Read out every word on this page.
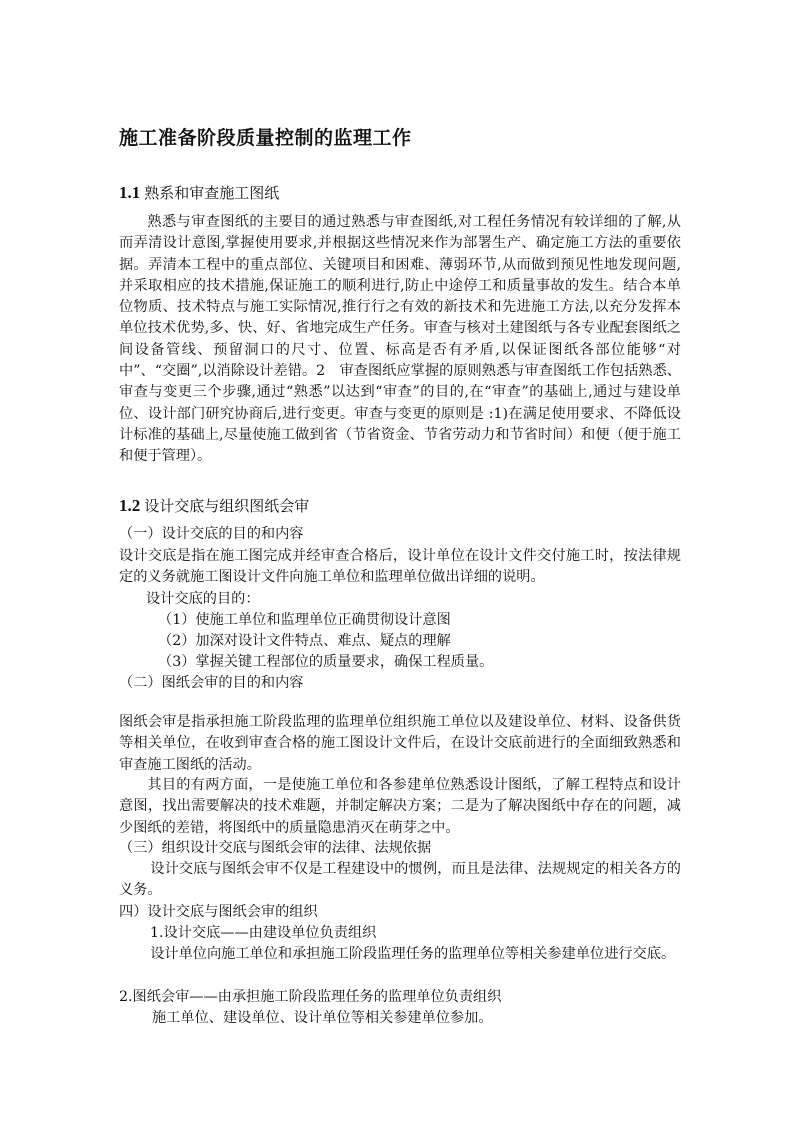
施工准备阶段质量控制的监理工作
1.1 熟系和审查施工图纸

熟悉与审查图纸的主要目的通过熟悉与审查图纸,对工程任务情况有较详细的了解,从而弄清设计意图,掌握使用要求,并根据这些情况来作为部署生产、确定施工方法的重要依据。弄清本工程中的重点部位、关键项目和困难、薄弱环节,从而做到预见性地发现问题,并采取相应的技术措施,保证施工的顺利进行,防止中途停工和质量事故的发生。结合本单位物质、技术特点与施工实际情况,推行行之有效的新技术和先进施工方法,以充分发挥本单位技术优势,多、快、好、省地完成生产任务。审查与核对土建图纸与各专业配套图纸之间设备管线、预留洞口的尺寸、位置、标高是否有矛盾,以保证图纸各部位能够“对中”、“交圈”,以消除设计差错。2　审查图纸应掌握的原则熟悉与审查图纸工作包括熟悉、审查与变更三个步骤,通过“熟悉”以达到“审查”的目的,在“审查”的基础上,通过与建设单位、设计部门研究协商后,进行变更。审查与变更的原则是 :1)在满足使用要求、不降低设计标准的基础上,尽量使施工做到省（节省资金、节省劳动力和节省时间）和便（便于施工和便于管理）。

1.2 设计交底与组织图纸会审

（一）设计交底的目的和内容

设计交底是指在施工图完成并经审查合格后，设计单位在设计文件交付施工时，按法律规定的义务就施工图设计文件向施工单位和监理单位做出详细的说明。

设计交底的目的：

（1）使施工单位和监理单位正确贯彻设计意图

（2）加深对设计文件特点、难点、疑点的理解

（3）掌握关键工程部位的质量要求，确保工程质量。

（二）图纸会审的目的和内容

图纸会审是指承担施工阶段监理的监理单位组织施工单位以及建设单位、材料、设备供货等相关单位，在收到审查合格的施工图设计文件后，在设计交底前进行的全面细致熟悉和审查施工图纸的活动。

其目的有两方面，一是使施工单位和各参建单位熟悉设计图纸，了解工程特点和设计意图，找出需要解决的技术难题，并制定解决方案；二是为了解决图纸中存在的问题，减少图纸的差错，将图纸中的质量隐患消灭在萌芽之中。

（三）组织设计交底与图纸会审的法律、法规依据

设计交底与图纸会审不仅是工程建设中的惯例，而且是法律、法规规定的相关各方的义务。

四）设计交底与图纸会审的组织

1.设计交底——由建设单位负责组织

设计单位向施工单位和承担施工阶段监理任务的监理单位等相关参建单位进行交底。

2.图纸会审——由承担施工阶段监理任务的监理单位负责组织

施工单位、建设单位、设计单位等相关参建单位参加。
